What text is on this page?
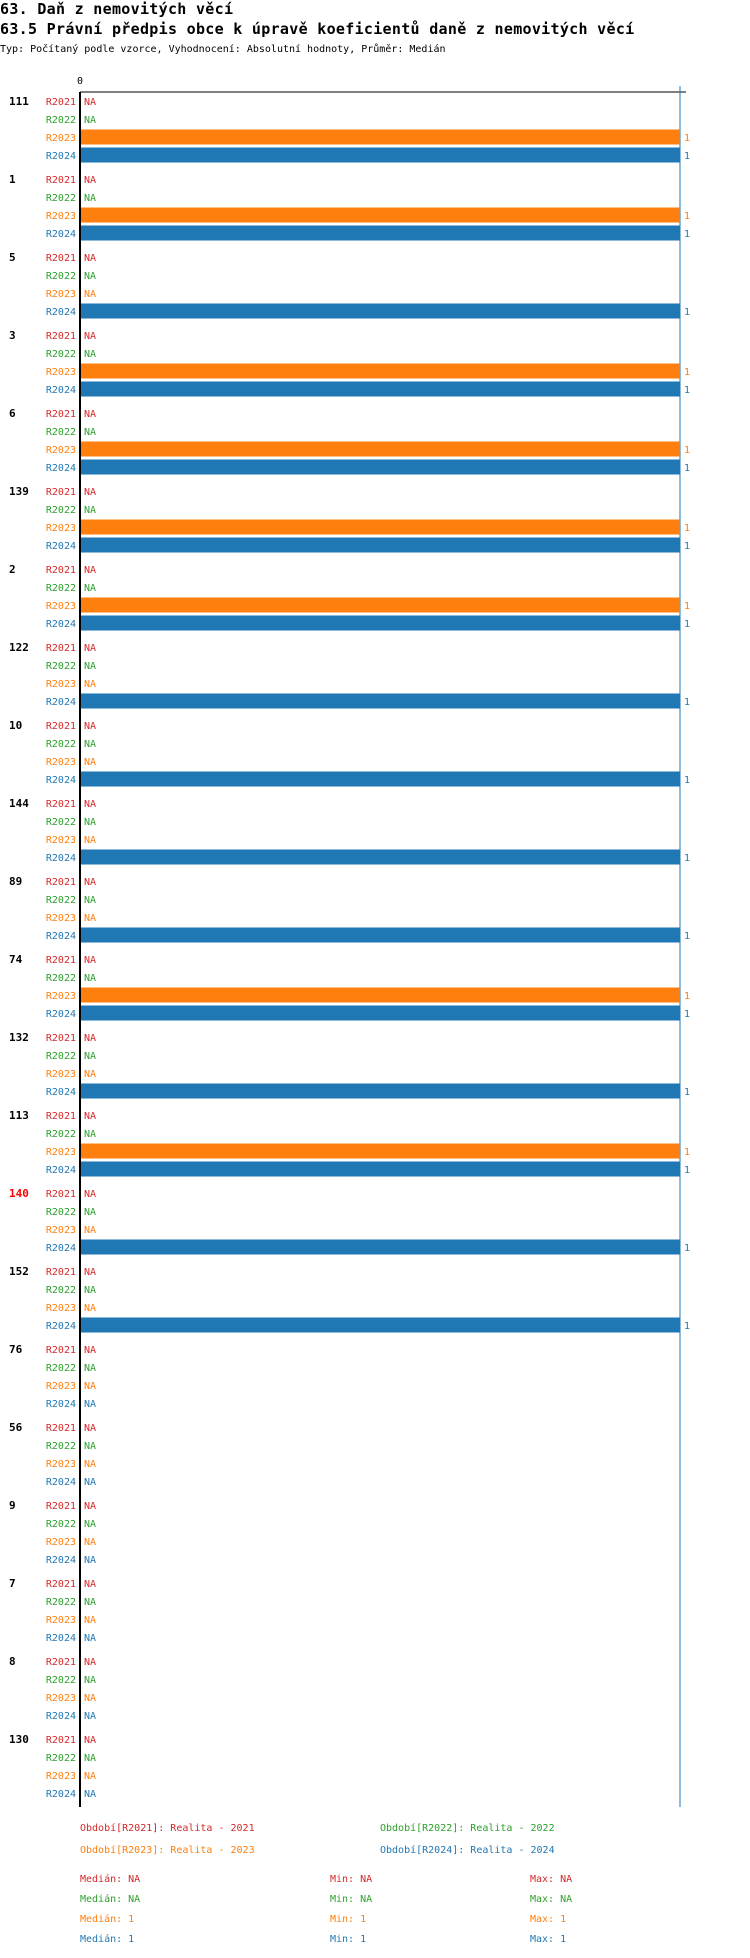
63. Daň z nemovitých věcí
63.5 Právní předpis obce k úpravě koeficientů daně z nemovitých věcí
Typ: Počítaný podle vzorce, Vyhodnocení: Absolutní hodnoty, Průměr: Medián
0
111 R2021 NA
R2022 NA
R2023	1
R2024	1
1	R2021 NA
R2022 NA
R2023	1
R2024	1
5	R2021 NA
R2022 NA
R2023 NA
R2024	1
3	R2021 NA
R2022 NA
R2023	1
R2024	1
6	R2021 NA
R2022 NA
R2023	1
R2024	1
139 R2021 NA
R2022 NA
R2023	1
R2024	1
2	R2021 NA
R2022 NA
R2023	1
R2024	1
122 R2021 NA
R2022 NA
R2023 NA
R2024	1
10 R2021 NA
R2022 NA
R2023 NA
R2024	1
144 R2021 NA
R2022 NA
R2023 NA
R2024	1
89 R2021 NA
R2022 NA
R2023 NA
R2024	1
74 R2021 NA
R2022 NA
R2023	1
R2024	1
132 R2021 NA
R2022 NA
R2023 NA
R2024	1
113 R2021 NA
R2022 NA
R2023	1
R2024	1
140 R2021 NA
R2022 NA
R2023 NA
R2024	1
152 R2021 NA
R2022 NA
R2023 NA
R2024	1
76 R2021 NA
R2022 NA
R2023 NA
R2024 NA
56 R2021 NA
R2022 NA
R2023 NA
R2024 NA
9	R2021 NA
R2022 NA
R2023 NA
R2024 NA
7	R2021 NA
R2022 NA
R2023 NA
R2024 NA
8	R2021 NA
R2022 NA
R2023 NA
R2024 NA
130 R2021 NA
R2022 NA
R2023 NA
R2024 NA
Období[R2021]: Realita - 2021	Období[R2022]: Realita - 2022
Období[R2023]: Realita - 2023	Období[R2024]: Realita - 2024
Medián: NA	Min: NA	Max: NA
Medián: NA	Min: NA	Max: NA
Medián: 1	Min: 1	Max: 1
Medián: 1	Min: 1	Max: 1
